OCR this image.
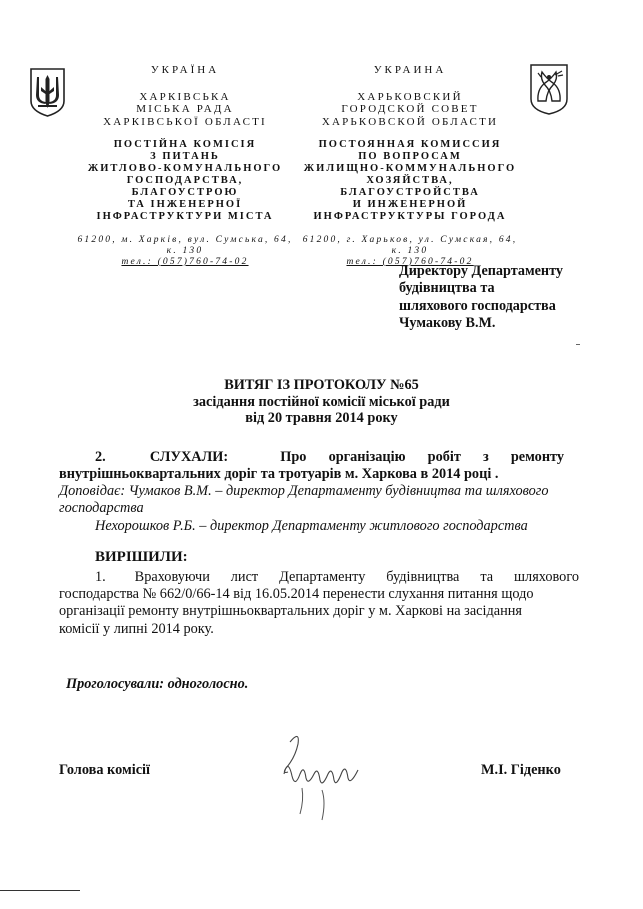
УКРАЇНА
ХАРКІВСЬКА
МІСЬКА РАДА
ХАРКІВСЬКОЇ ОБЛАСТІ
ПОСТІЙНА КОМІСІЯ
З ПИТАНЬ
ЖИТЛОВО-КОМУНАЛЬНОГО
ГОСПОДАРСТВА,
БЛАГОУСТРОЮ
ТА ІНЖЕНЕРНОЇ
ІНФРАСТРУКТУРИ МІСТА
61200, м. Харків, вул. Сумська, 64, к. 130
тел.: (057)760-74-02
УКРАИНА
ХАРЬКОВСКИЙ
ГОРОДСКОЙ СОВЕТ
ХАРЬКОВСКОЙ ОБЛАСТИ
ПОСТОЯННАЯ КОМИССИЯ
ПО ВОПРОСАМ
ЖИЛИЩНО-КОММУНАЛЬНОГО
ХОЗЯЙСТВА,
БЛАГОУСТРОЙСТВА
И ИНЖЕНЕРНОЙ
ИНФРАСТРУКТУРЫ ГОРОДА
61200, г. Харьков, ул. Сумская, 64, к. 130
тел.: (057)760-74-02
Директору Департаменту
будівництва та
шляхового господарства
Чумакову В.М.
ВИТЯГ ІЗ ПРОТОКОЛУ №65
засідання постійної комісії міської ради
від 20 травня 2014 року
2.	СЛУХАЛИ:	Про організацію робіт з ремонту
внутрішньоквартальних доріг та тротуарів м. Харкова в 2014 році .
Доповідає: Чумаков В.М. – директор Департаменту будівництва та шляхового
господарства
Нехорошков Р.Б. – директор Департаменту житлового господарства
ВИРІШИЛИ:
1. Враховуючи лист Департаменту будівництва та шляхового
господарства № 662/0/66-14 від 16.05.2014 перенести слухання питання щодо
організації ремонту внутрішньоквартальних доріг у м. Харкові на засідання
комісії у липні 2014 року.
Проголосували: одноголосно.
Голова комісії	М.І. Гіденко
